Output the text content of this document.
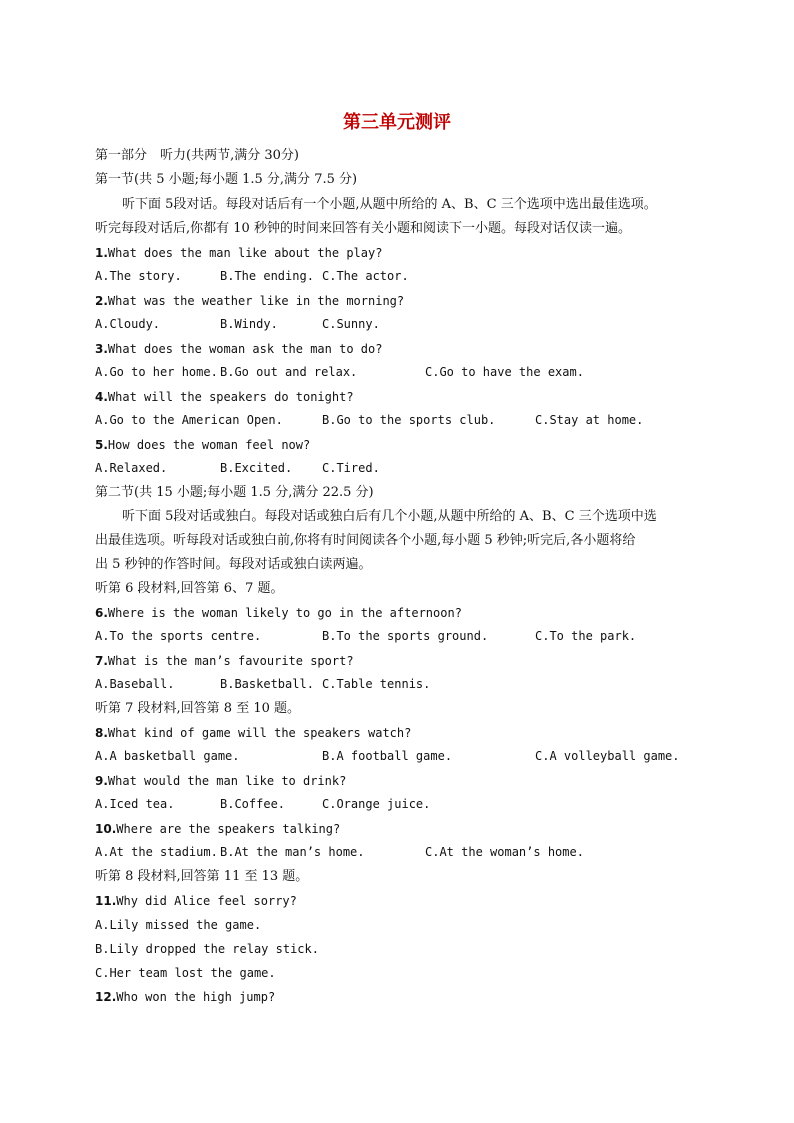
第三单元测评
第一部分　听力(共两节,满分 30分)
第一节(共 5 小题;每小题 1.5 分,满分 7.5 分)
听下面 5段对话。每段对话后有一个小题,从题中所给的 A、B、C 三个选项中选出最佳选项。
听完每段对话后,你都有 10 秒钟的时间来回答有关小题和阅读下一小题。每段对话仅读一遍。
1.What does the man like about the play?
A.The story.	B.The ending. C.The actor.
2.What was the weather like in the morning?
A.Cloudy.	B.Windy.	C.Sunny.
3.What does the woman ask the man to do?
A.Go to her home. B.Go out and relax.	C.Go to have the exam.
4.What will the speakers do tonight?
A.Go to the American Open.	B.Go to the sports club.	C.Stay at home.
5.How does the woman feel now?
A.Relaxed.	B.Excited. C.Tired.
第二节(共 15 小题;每小题 1.5 分,满分 22.5 分)
听下面 5段对话或独白。每段对话或独白后有几个小题,从题中所给的 A、B、C 三个选项中选
出最佳选项。听每段对话或独白前,你将有时间阅读各个小题,每小题 5 秒钟;听完后,各小题将给
出 5 秒钟的作答时间。每段对话或独白读两遍。
听第 6 段材料,回答第 6、7 题。
6.Where is the woman likely to go in the afternoon?
A.To the sports centre.	B.To the sports ground.	C.To the park.
7.What is the man’s favourite sport?
A.Baseball.	B.Basketball. C.Table tennis.
听第 7 段材料,回答第 8 至 10 题。
8.What kind of game will the speakers watch?
A.A basketball game.	B.A football game.	C.A volleyball game.
9.What would the man like to drink?
A.Iced tea.	B.Coffee.	C.Orange juice.
10.Where are the speakers talking?
A.At the stadium. B.At the man’s home.	C.At the woman’s home.
听第 8 段材料,回答第 11 至 13 题。
11.Why did Alice feel sorry?
A.Lily missed the game.
B.Lily dropped the relay stick.
C.Her team lost the game.
12.Who won the high jump?
